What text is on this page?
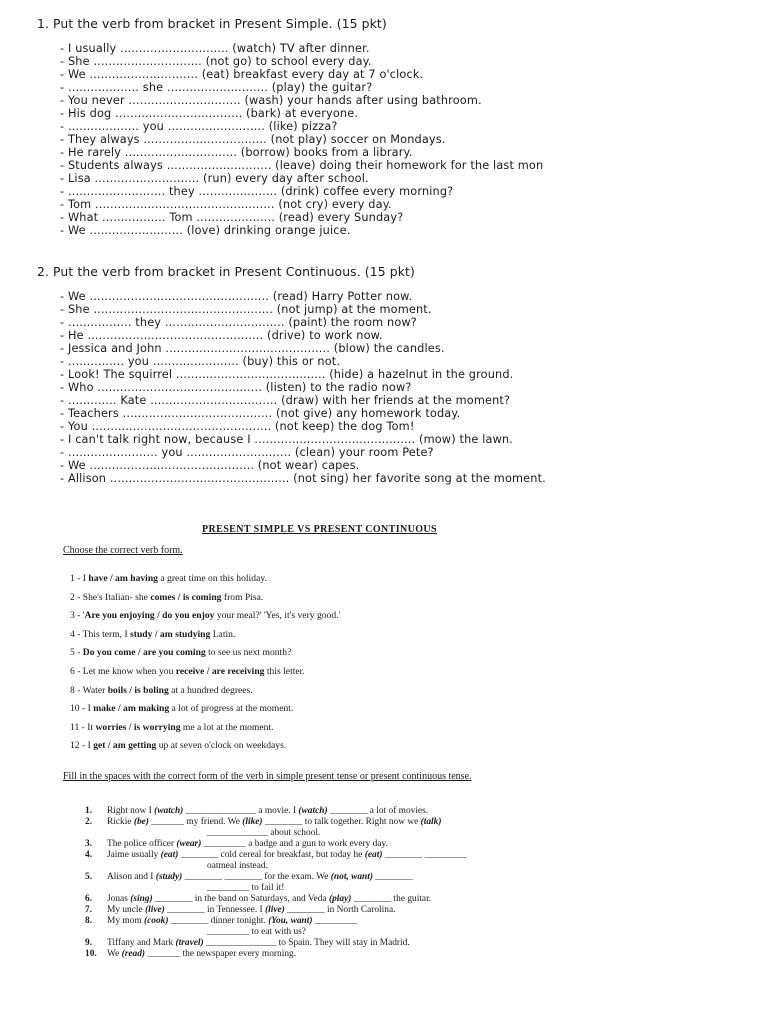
1. Put the verb from bracket in Present Simple. (15 pkt)
- I usually ............................. (watch) TV after dinner.
- She ............................. (not go) to school every day.
- We ............................. (eat) breakfast every day at 7 o'clock.
- ................... she ........................... (play) the guitar?
- You never .............................. (wash) your hands after using bathroom.
- His dog .................................. (bark) at everyone.
- ................... you .......................... (like) pizza?
- They always ................................. (not play) soccer on Mondays.
- He rarely .............................. (borrow) books from a library.
- Students always ............................ (leave) doing their homework for the last mon
- Lisa ............................ (run) every day after school.
- .......................... they ..................... (drink) coffee every morning?
- Tom ................................................ (not cry) every day.
- What ................. Tom ..................... (read) every Sunday?
- We ......................... (love) drinking orange juice.
2. Put the verb from bracket in Present Continuous. (15 pkt)
- We ................................................ (read) Harry Potter now.
- She ................................................ (not jump) at the moment.
- ................. they ................................ (paint) the room now?
- He ............................................... (drive) to work now.
- Jessica and John ............................................ (blow) the candles.
- ............... you ....................... (buy) this or not.
- Look! The squirrel ........................................ (hide) a hazelnut in the ground.
- Who ............................................ (listen) to the radio now?
- ............. Kate .................................. (draw) with her friends at the moment?
- Teachers ........................................ (not give) any homework today.
- You ................................................ (not keep) the dog Tom!
- I can't talk right now, because I ........................................... (mow) the lawn.
- ........................ you ............................ (clean) your room Pete?
- We ............................................ (not wear) capes.
- Allison ................................................ (not sing) her favorite song at the moment.
PRESENT SIMPLE VS PRESENT CONTINUOUS
Choose the correct verb form.
1 - I have / am having a great time on this holiday.
2 - She's Italian- she comes / is coming from Pisa.
3 - 'Are you enjoying / do you enjoy your meal?' 'Yes, it's very good.'
4 - This term, I study / am studying Latin.
5 - Do you come / are you coming to see us next month?
6 - Let me know when you receive / are receiving this letter.
8 - Water boils / is boling at a hundred degrees.
10 - I make / am making a lot of progress at the moment.
11 - It worries / is worrying me a lot at the moment.
12 - I get / am getting up at seven o'clock on weekdays.
Fill in the spaces with the correct form of the verb in simple present tense or present continuous tense.
1. Right now I (watch) _______________ a movie. I (watch) ________ a lot of movies.
2. Rickie (be) _______ my friend. We (like) ________ to talk together. Right now we (talk)
_____________ about school.
3. The police officer (wear) _________ a badge and a gun to work every day.
4. Jaime usually (eat) ________ cold cereal for breakfast, but today he (eat) ________ _________
oatmeal instead.
5. Alison and I (study) ________ ________ for the exam. We (not, want) ________
_________ to fail it!
6. Jonas (sing) ________ in the band on Saturdays, and Veda (play) ________ the guitar.
7. My uncle (live) ________ in Tennessee. I (live) ________ in North Carolina.
8. My mom (cook) ________ dinner tonight. (You, want) _________
_________ to eat with us?
9. Tiffany and Mark (travel) _______________ to Spain. They will stay in Madrid.
10. We (read) _______ the newspaper every morning.
